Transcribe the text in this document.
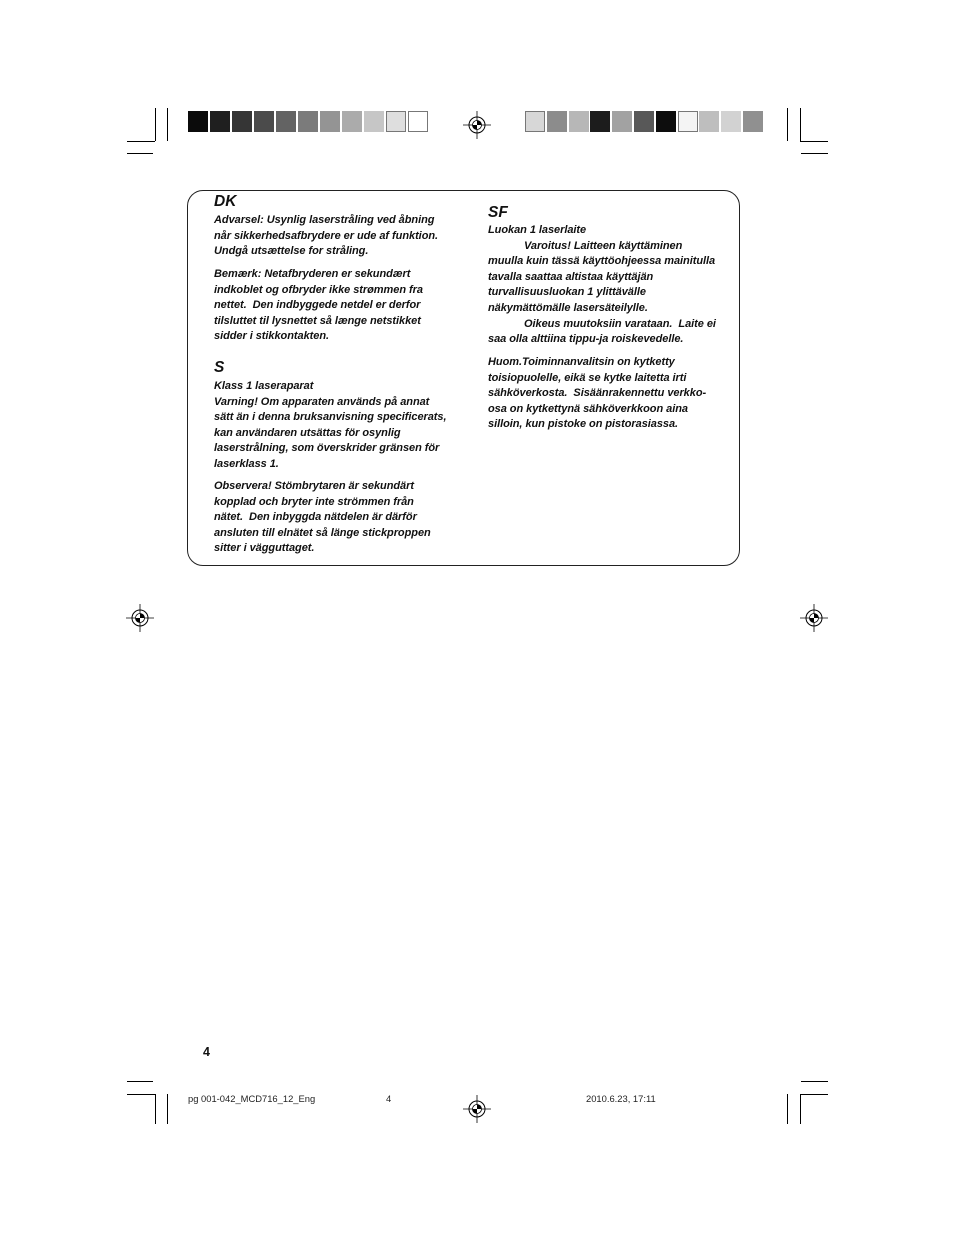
DK
Advarsel: Usynlig laserstråling ved åbning
når sikkerhedsafbrydere er ude af funktion.
Undgå utsættelse for stråling.
Bemærk: Netafbryderen er sekundært
indkoblet og ofbryder ikke strømmen fra
nettet.  Den indbyggede netdel er derfor
tilsluttet til lysnettet så længe netstikket
sidder i stikkontakten.
S
Klass 1 laseraparat
Varning! Om apparaten används på annat
sätt än i denna bruksanvisning specificerats,
kan användaren utsättas för osynlig
laserstrålning, som överskrider gränsen för
laserklass 1.
Observera! Stömbrytaren är sekundärt
kopplad och bryter inte strömmen från
nätet.  Den inbyggda nätdelen är därför
ansluten till elnätet så länge stickproppen
sitter i vägguttaget.
SF
Luokan 1 laserlaite
Varoitus! Laitteen käyttäminen
muulla kuin tässä käyttöohjeessa mainitulla
tavalla saattaa altistaa käyttäjän
turvallisuusluokan 1 ylittävälle
näkymättömälle lasersäteilylle.
Oikeus muutoksiin varataan.  Laite ei
saa olla alttiina tippu-ja roiskevedelle.
Huom.Toiminnanvalitsin on kytketty
toisiopuolelle, eikä se kytke laitetta irti
sähköverkosta.  Sisäänrakennettu verkko-
osa on kytkettynä sähköverkkoon aina
silloin, kun pistoke on pistorasiassa.
4
pg 001-042_MCD716_12_Eng	4	2010.6.23, 17:11
